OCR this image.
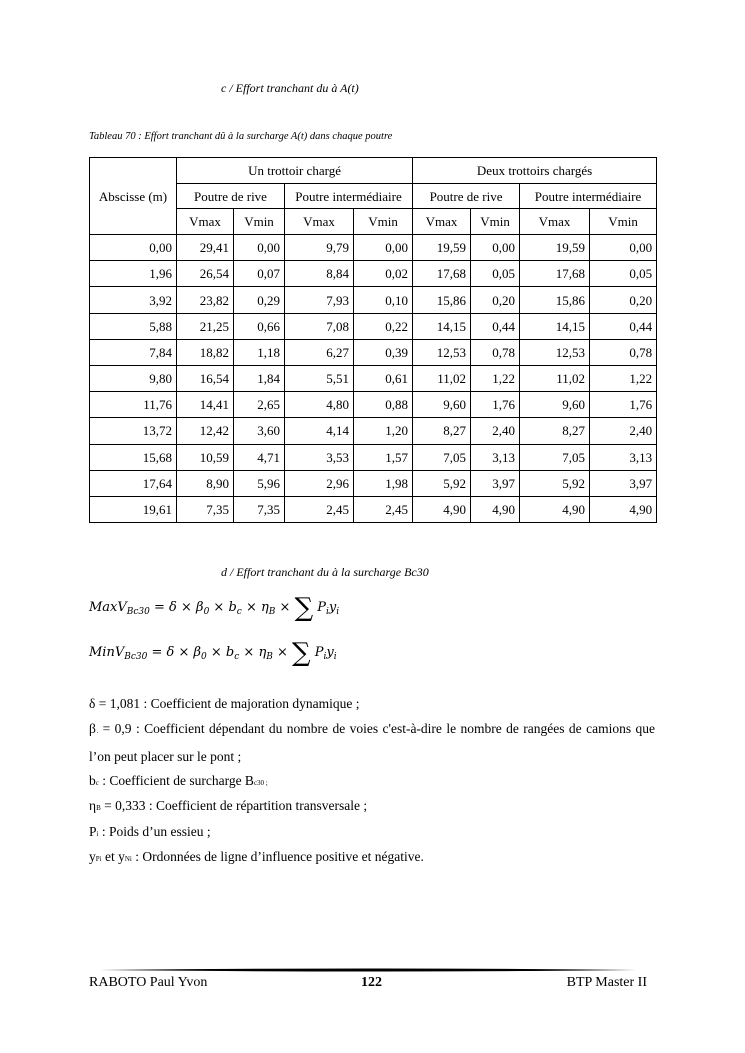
c / Effort tranchant du à A(t)
Tableau 70 : Effort tranchant dû à la surcharge A(t) dans chaque poutre
Abscisse (m)	Un trottoir chargé				Deux trottoirs chargés			
	Poutre de rive		Poutre intermédiaire		Poutre de rive		Poutre intermédiaire	
	Vmax	Vmin	Vmax	Vmin	Vmax	Vmin	Vmax	Vmin
0,00	29,41	0,00	9,79	0,00	19,59	0,00	19,59	0,00
1,96	26,54	0,07	8,84	0,02	17,68	0,05	17,68	0,05
3,92	23,82	0,29	7,93	0,10	15,86	0,20	15,86	0,20
5,88	21,25	0,66	7,08	0,22	14,15	0,44	14,15	0,44
7,84	18,82	1,18	6,27	0,39	12,53	0,78	12,53	0,78
9,80	16,54	1,84	5,51	0,61	11,02	1,22	11,02	1,22
11,76	14,41	2,65	4,80	0,88	9,60	1,76	9,60	1,76
13,72	12,42	3,60	4,14	1,20	8,27	2,40	8,27	2,40
15,68	10,59	4,71	3,53	1,57	7,05	3,13	7,05	3,13
17,64	8,90	5,96	2,96	1,98	5,92	3,97	5,92	3,97
19,61	7,35	7,35	2,45	2,45	4,90	4,90	4,90	4,90
d / Effort tranchant du à la surcharge Bc30
MaxV$_{Bc30}$ = $\delta \times \beta_0 \times b_c \times \eta_B$ × ∑ $P_iy_i$
MinV$_{Bc30}$ = $\delta \times \beta_0 \times b_c \times \eta_B$ × ∑ $P_iy_i$
δ = 1,081 : Coefficient de majoration dynamique ;
β . = 0,9 : Coefficient dépendant du nombre de voies c'est-à-dire le nombre de rangées de camions que l’on peut placer sur le pont ;
bc : Coefficient de surcharge Bc30 ;
ηB = 0,333 : Coefficient de répartition transversale ;
Pi : Poids d’un essieu ;
yPi et yNi : Ordonnées de ligne d’influence positive et négative.
RABOTO Paul Yvon	122	BTP Master II
